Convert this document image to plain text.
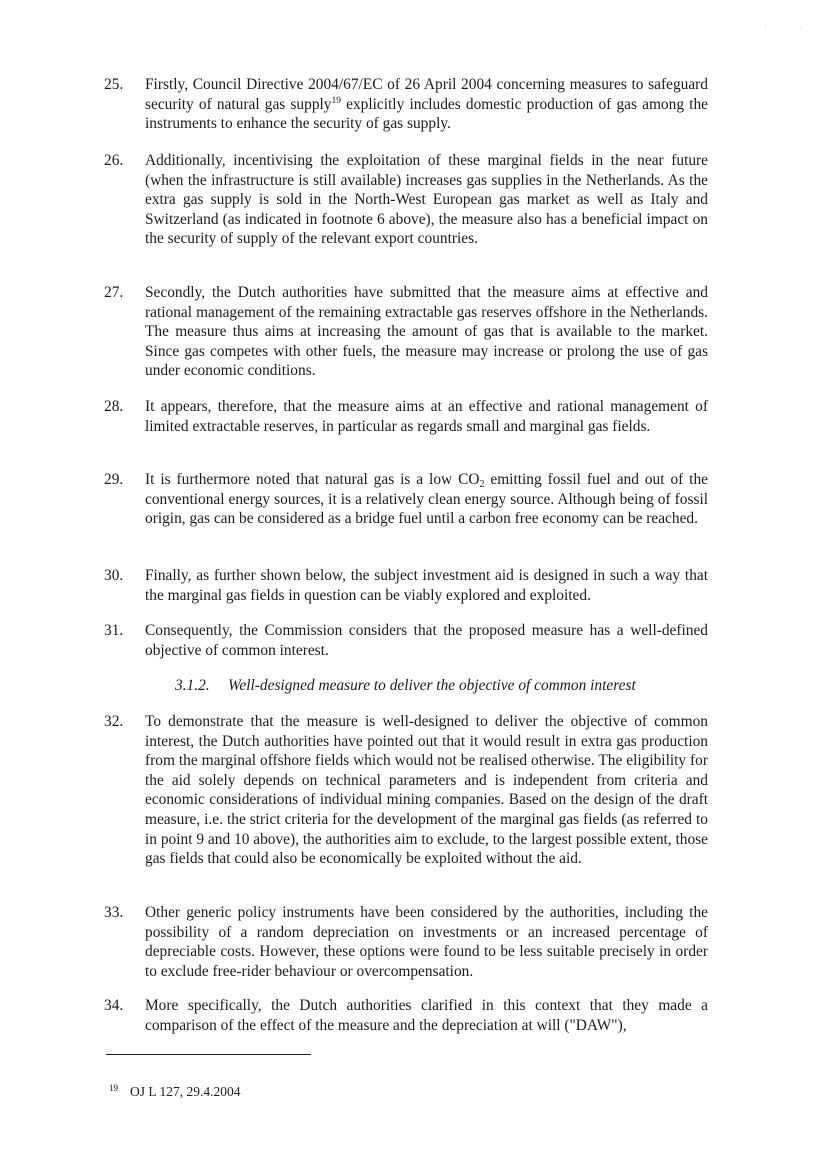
`	·
25.	Firstly, Council Directive 2004/67/EC of 26 April 2004 concerning measures to safeguard security of natural gas supply$^{19}$ explicitly includes domestic production of gas among the instruments to enhance the security of gas supply.
26.	Additionally, incentivising the exploitation of these marginal fields in the near future (when the infrastructure is still available) increases gas supplies in the Netherlands. As the extra gas supply is sold in the North-West European gas market as well as Italy and Switzerland (as indicated in footnote 6 above), the measure also has a beneficial impact on the security of supply of the relevant export countries.
27.	Secondly, the Dutch authorities have submitted that the measure aims at effective and rational management of the remaining extractable gas reserves offshore in the Netherlands. The measure thus aims at increasing the amount of gas that is available to the market. Since gas competes with other fuels, the measure may increase or prolong the use of gas under economic conditions.
28.	It appears, therefore, that the measure aims at an effective and rational management of limited extractable reserves, in particular as regards small and marginal gas fields.
29.	It is furthermore noted that natural gas is a low $CO_2$ emitting fossil fuel and out of the conventional energy sources, it is a relatively clean energy source. Although being of fossil origin, gas can be considered as a bridge fuel until a carbon free economy can be reached.
30.	Finally, as further shown below, the subject investment aid is designed in such a way that the marginal gas fields in question can be viably explored and exploited.
31.	Consequently, the Commission considers that the proposed measure has a well-defined objective of common interest.
3.1.2. Well-designed measure to deliver the objective of common interest
32.	To demonstrate that the measure is well-designed to deliver the objective of common interest, the Dutch authorities have pointed out that it would result in extra gas production from the marginal offshore fields which would not be realised otherwise. The eligibility for the aid solely depends on technical parameters and is independent from criteria and economic considerations of individual mining companies. Based on the design of the draft measure, i.e. the strict criteria for the development of the marginal gas fields (as referred to in point 9 and 10 above), the authorities aim to exclude, to the largest possible extent, those gas fields that could also be economically be exploited without the aid.
33.	Other generic policy instruments have been considered by the authorities, including the possibility of a random depreciation on investments or an increased percentage of depreciable costs. However, these options were found to be less suitable precisely in order to exclude free-rider behaviour or overcompensation.
34.	More specifically, the Dutch authorities clarified in this context that they made a comparison of the effect of the measure and the depreciation at will ("DAW"),
$^{19}$ OJ L 127, 29.4.2004
